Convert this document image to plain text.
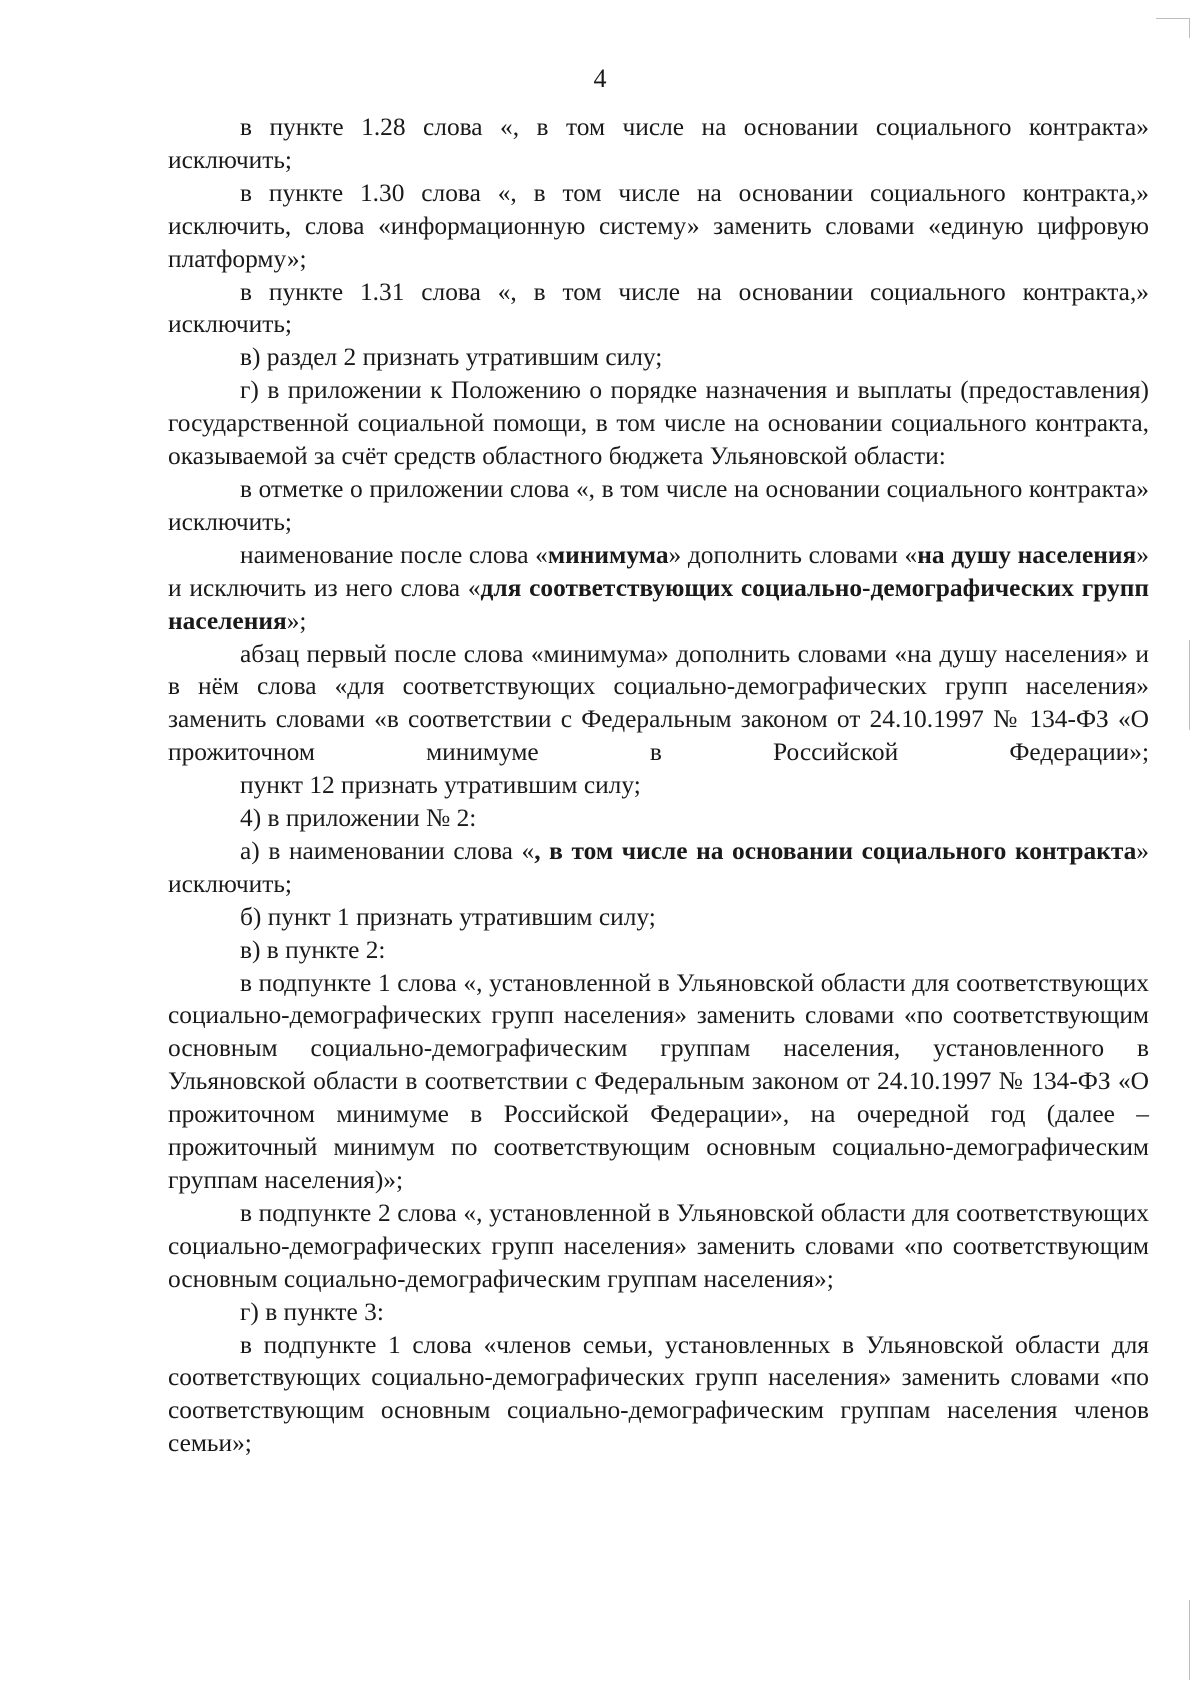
4

в пункте 1.28 слова «, в том числе на основании социального контракта» исключить;

в пункте 1.30 слова «, в том числе на основании социального контракта,» исключить, слова «информационную систему» заменить словами «единую цифровую платформу»;

в пункте 1.31 слова «, в том числе на основании социального контракта,» исключить;

в) раздел 2 признать утратившим силу;

г) в приложении к Положению о порядке назначения и выплаты (предоставления) государственной социальной помощи, в том числе на основании социального контракта, оказываемой за счёт средств областного бюджета Ульяновской области:

в отметке о приложении слова «, в том числе на основании социального контракта» исключить;

наименование после слова «минимума» дополнить словами «на душу населения» и исключить из него слова «для соответствующих социально-демографических групп населения»;

абзац первый после слова «минимума» дополнить словами «на душу населения» и в нём слова «для соответствующих социально-демографических групп населения» заменить словами «в соответствии с Федеральным законом от 24.10.1997 № 134-ФЗ «О прожиточном минимуме в Российской Федерации»;

пункт 12 признать утратившим силу;

4) в приложении № 2:

а) в наименовании слова «, в том числе на основании социального контракта» исключить;

б) пункт 1 признать утратившим силу;

в) в пункте 2:

в подпункте 1 слова «, установленной в Ульяновской области для соответствующих социально-демографических групп населения» заменить словами «по соответствующим основным социально-демографическим группам населения, установленного в Ульяновской области в соответствии с Федеральным законом от 24.10.1997 № 134-ФЗ «О прожиточном минимуме в Российской Федерации», на очередной год (далее – прожиточный минимум по соответствующим основным социально-демографическим группам населения)»;

в подпункте 2 слова «, установленной в Ульяновской области для соответствующих социально-демографических групп населения» заменить словами «по соответствующим основным социально-демографическим группам населения»;

г) в пункте 3:

в подпункте 1 слова «членов семьи, установленных в Ульяновской области для соответствующих социально-демографических групп населения» заменить словами «по соответствующим основным социально-демографическим группам населения членов семьи»;
